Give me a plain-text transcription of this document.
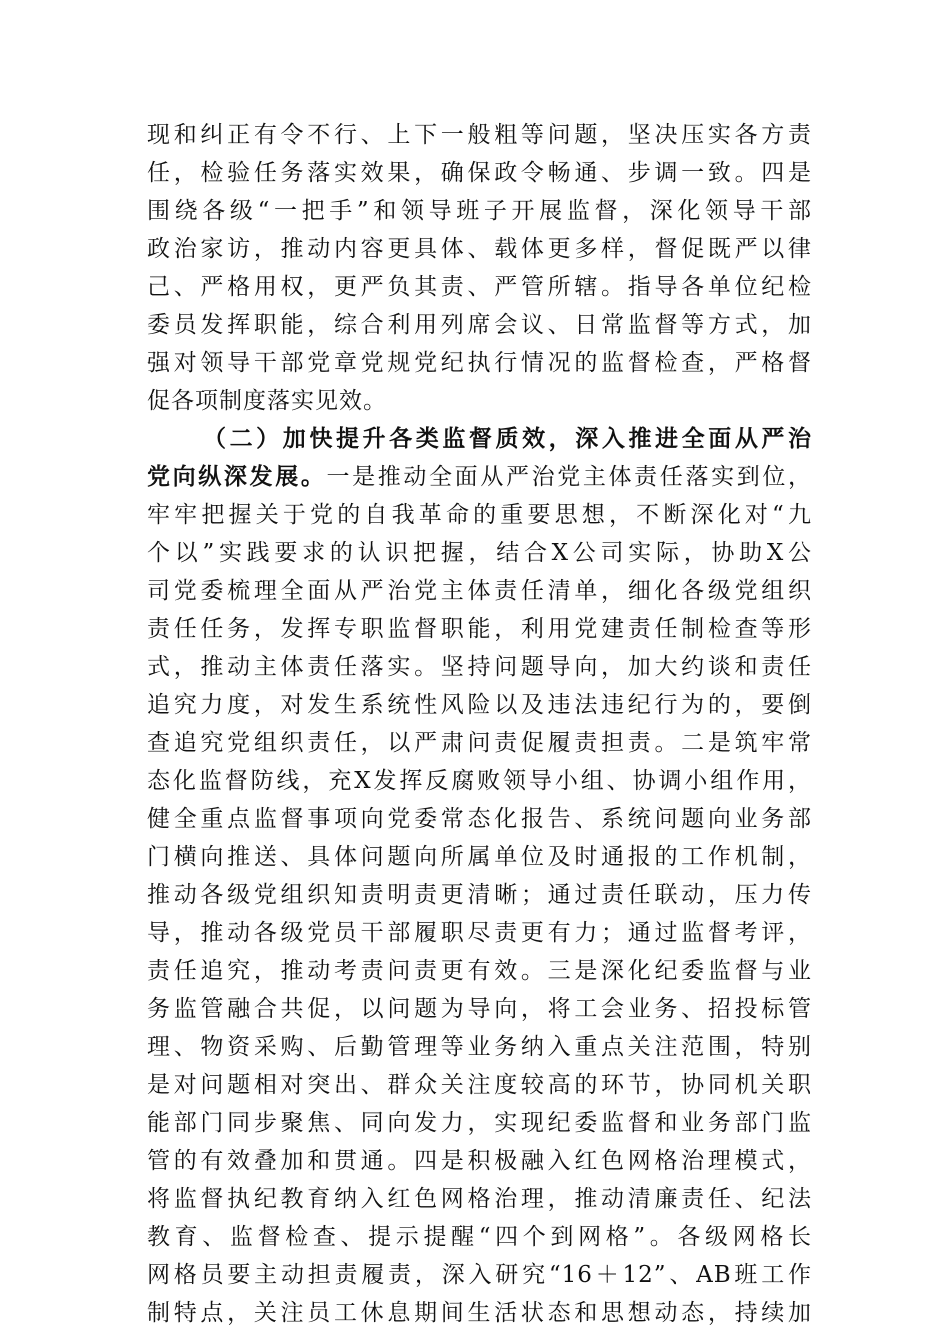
现和纠正有令不行、上下一般粗等问题，坚决压实各方责
任，检验任务落实效果，确保政令畅通、步调一致。四是
围绕各级“一把手”和领导班子开展监督，深化领导干部
政治家访，推动内容更具体、载体更多样，督促既严以律
己、严格用权，更严负其责、严管所辖。指导各单位纪检
委员发挥职能，综合利用列席会议、日常监督等方式，加
强对领导干部党章党规党纪执行情况的监督检查，严格督
促各项制度落实见效。
（二）加快提升各类监督质效，深入推进全面从严治
党向纵深发展。一是推动全面从严治党主体责任落实到位，
牢牢把握关于党的自我革命的重要思想，不断深化对“九
个以”实践要求的认识把握，结合X公司实际，协助X公
司党委梳理全面从严治党主体责任清单，细化各级党组织
责任任务，发挥专职监督职能，利用党建责任制检查等形
式，推动主体责任落实。坚持问题导向，加大约谈和责任
追究力度，对发生系统性风险以及违法违纪行为的，要倒
查追究党组织责任，以严肃问责促履责担责。二是筑牢常
态化监督防线，充X发挥反腐败领导小组、协调小组作用，
健全重点监督事项向党委常态化报告、系统问题向业务部
门横向推送、具体问题向所属单位及时通报的工作机制，
推动各级党组织知责明责更清晰；通过责任联动，压力传
导，推动各级党员干部履职尽责更有力；通过监督考评，
责任追究，推动考责问责更有效。三是深化纪委监督与业
务监管融合共促，以问题为导向，将工会业务、招投标管
理、物资采购、后勤管理等业务纳入重点关注范围，特别
是对问题相对突出、群众关注度较高的环节，协同机关职
能部门同步聚焦、同向发力，实现纪委监督和业务部门监
管的有效叠加和贯通。四是积极融入红色网格治理模式，
将监督执纪教育纳入红色网格治理，推动清廉责任、纪法
教育、监督检查、提示提醒“四个到网格”。各级网格长
网格员要主动担责履责，深入研究“16＋12”、AB班工作
制特点，关注员工休息期间生活状态和思想动态，持续加
